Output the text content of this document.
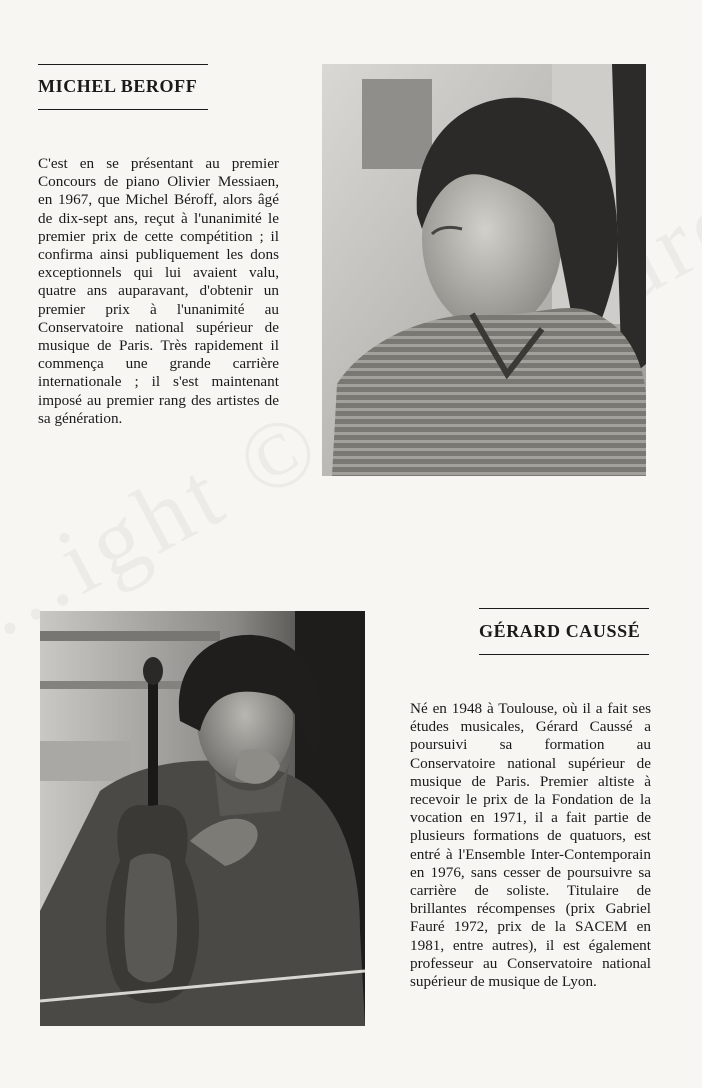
MICHEL BEROFF

C'est en se présentant au premier Concours de piano Olivier Messiaen, en 1967, que Michel Béroff, alors âgé de dix-sept ans, reçut à l'unanimité le premier prix de cette compétition ; il confirma ainsi publiquement les dons exceptionnels qui lui avaient valu, quatre ans auparavant, d'obtenir un premier prix à l'unanimité au Conservatoire national supérieur de musique de Paris. Très rapidement il commença une grande carrière internationale ; il s'est maintenant imposé au premier rang des artistes de sa génération.

GÉRARD CAUSSÉ

Né en 1948 à Toulouse, où il a fait ses études musicales, Gérard Caussé a poursuivi sa formation au Conservatoire national supérieur de musique de Paris. Premier altiste à recevoir le prix de la Fondation de la vocation en 1971, il a fait partie de plusieurs formations de quatuors, est entré à l'Ensemble Inter-Contemporain en 1976, sans cesser de poursuivre sa carrière de soliste. Titulaire de brillantes récompenses (prix Gabriel Fauré 1972, prix de la SACEM en 1981, entre autres), il est également professeur au Conservatoire national supérieur de musique de Lyon.
